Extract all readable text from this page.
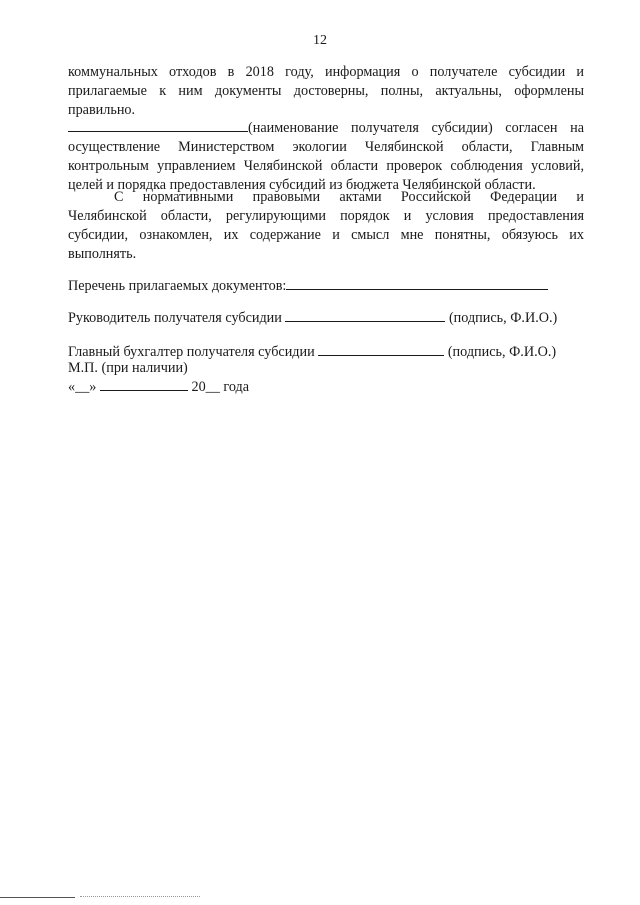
12
коммунальных отходов в 2018 году, информация о получателе субсидии и
прилагаемые к ним документы достоверны, полны, актуальны, оформлены
правильно.
(наименование получателя субсидии) согласен на
осуществление Министерством экологии Челябинской области, Главным
контрольным управлением Челябинской области проверок соблюдения условий,
целей и порядка предоставления субсидий из бюджета Челябинской области.
С нормативными правовыми актами Российской Федерации и
Челябинской области, регулирующими порядок и условия предоставления
субсидии, ознакомлен, их содержание и смысл мне понятны, обязуюсь их
выполнять.
Перечень прилагаемых документов:
Руководитель получателя субсидии	(подпись, Ф.И.О.)
Главный бухгалтер получателя субсидии	(подпись, Ф.И.О.)
М.П. (при наличии)
«__»	20__ года
